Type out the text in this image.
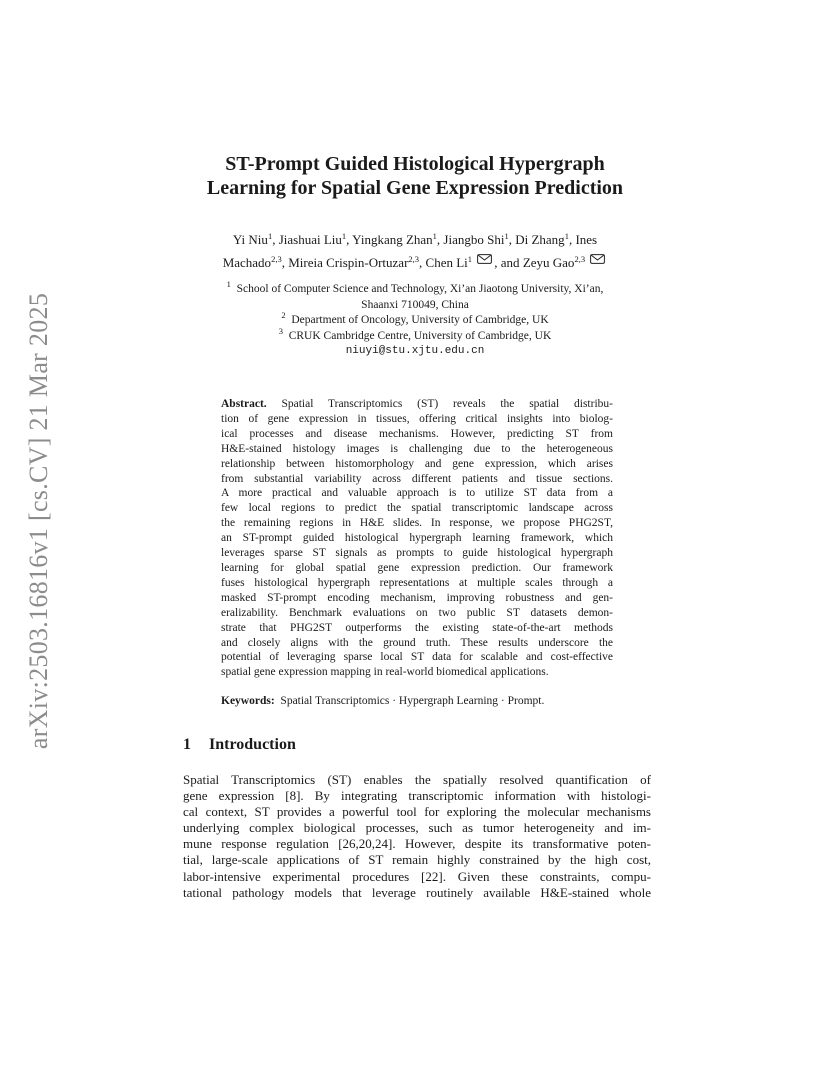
arXiv:2503.16816v1 [cs.CV] 21 Mar 2025
ST-Prompt Guided Histological Hypergraph
Learning for Spatial Gene Expression Prediction
Yi Niu$^1$, Jiashuai Liu$^1$, Yingkang Zhan$^1$, Jiangbo Shi$^1$, Di Zhang$^1$, Ines
Machado$^{2,3}$, Mireia Crispin-Ortuzar$^{2,3}$, Chen Li$^1$ , and Zeyu Gao$^{2,3}$
$^1$ School of Computer Science and Technology, Xi’an Jiaotong University, Xi’an,
Shaanxi 710049, China
$^2$ Department of Oncology, University of Cambridge, UK
$^3$ CRUK Cambridge Centre, University of Cambridge, UK
niuyi@stu.xjtu.edu.cn
Abstract. Spatial Transcriptomics (ST) reveals the spatial distribu-
tion of gene expression in tissues, offering critical insights into biolog-
ical processes and disease mechanisms. However, predicting ST from
H&E-stained histology images is challenging due to the heterogeneous
relationship between histomorphology and gene expression, which arises
from substantial variability across different patients and tissue sections.
A more practical and valuable approach is to utilize ST data from a
few local regions to predict the spatial transcriptomic landscape across
the remaining regions in H&E slides. In response, we propose PHG2ST,
an ST-prompt guided histological hypergraph learning framework, which
leverages sparse ST signals as prompts to guide histological hypergraph
learning for global spatial gene expression prediction. Our framework
fuses histological hypergraph representations at multiple scales through a
masked ST-prompt encoding mechanism, improving robustness and gen-
eralizability. Benchmark evaluations on two public ST datasets demon-
strate that PHG2ST outperforms the existing state-of-the-art methods
and closely aligns with the ground truth. These results underscore the
potential of leveraging sparse local ST data for scalable and cost-effective
spatial gene expression mapping in real-world biomedical applications.
Keywords: Spatial Transcriptomics · Hypergraph Learning · Prompt.
1 Introduction
Spatial Transcriptomics (ST) enables the spatially resolved quantification of
gene expression [8]. By integrating transcriptomic information with histologi-
cal context, ST provides a powerful tool for exploring the molecular mechanisms
underlying complex biological processes, such as tumor heterogeneity and im-
mune response regulation [26,20,24]. However, despite its transformative poten-
tial, large-scale applications of ST remain highly constrained by the high cost,
labor-intensive experimental procedures [22]. Given these constraints, compu-
tational pathology models that leverage routinely available H&E-stained whole
